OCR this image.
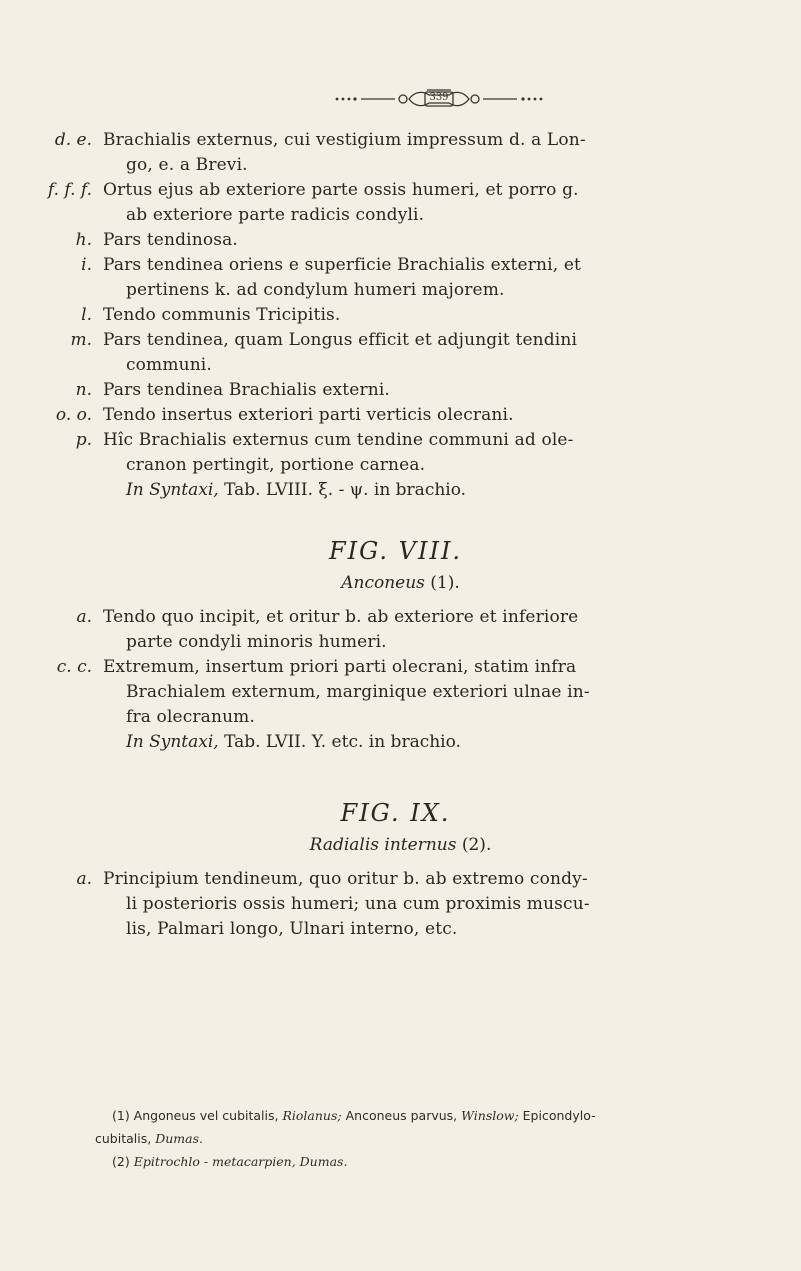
339
d. e. Brachialis externus, cui vestigium impressum d. a Lon-
go, e. a Brevi.
f. f. f. Ortus ejus ab exteriore parte ossis humeri, et porro g.
ab exteriore parte radicis condyli.
h. Pars tendinosa.
i. Pars tendinea oriens e superficie Brachialis externi, et
pertinens k. ad condylum humeri majorem.
l. Tendo communis Tricipitis.
m. Pars tendinea, quam Longus efficit et adjungit tendini
communi.
n. Pars tendinea Brachialis externi.
o. o. Tendo insertus exteriori parti verticis olecrani.
p. Hîc Brachialis externus cum tendine communi ad ole-
cranon pertingit, portione carnea.
In Syntaxi, Tab. LVIII. ξ. - ψ. in brachio.
FIG. VIII.
Anconeus (1).
a. Tendo quo incipit, et oritur b. ab exteriore et inferiore
parte condyli minoris humeri.
c. c. Extremum, insertum priori parti olecrani, statim infra
Brachialem externum, marginique exteriori ulnae in-
fra olecranum.
In Syntaxi, Tab. LVII. Y. etc. in brachio.
FIG. IX.
Radialis internus (2).
a. Principium tendineum, quo oritur b. ab extremo condy-
li posterioris ossis humeri; una cum proximis muscu-
lis, Palmari longo, Ulnari interno, etc.
(1) Angoneus vel cubitalis, Riolanus; Anconeus parvus, Winslow; Epicondylo-
cubitalis, Dumas.
(2) Epitrochlo - metacarpien, Dumas.
